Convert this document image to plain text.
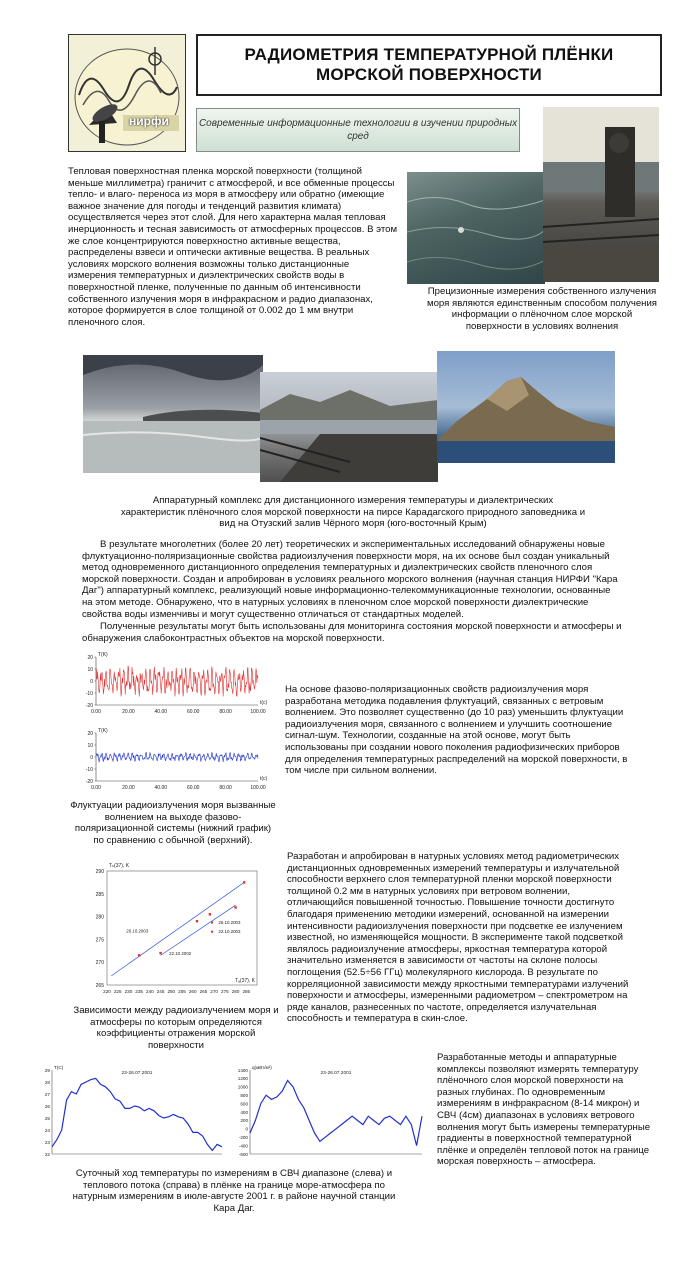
нирфи
РАДИОМЕТРИЯ ТЕМПЕРАТУРНОЙ ПЛЁНКИ
МОРСКОЙ ПОВЕРХНОСТИ
Современные информационные технологии в изучении природных сред
Тепловая поверхностная пленка морской поверхности (толщиной меньше миллиметра) граничит с атмосферой, и все обменные процессы тепло- и влаго- переноса из моря в атмосферу или обратно (имеющие важное значение для погоды и тенденций развития климата) осуществляется через этот слой. Для него характерна малая тепловая инерционность и тесная зависимость от атмосферных процессов. В этом же слое концентрируются поверхностно активные вещества, распределены взвеси и оптически активные вещества. В реальных условиях морского волнения возможны только дистанционные измерения температурных и диэлектрических свойств воды в поверхностной пленке, полученные по данным об интенсивности собственного излучения моря в инфракрасном и радио диапазонах, которое формируется в слое толщиной от 0.002 до 1 мм внутри пленочного слоя.
Прецизионные измерения собственного излучения моря являются единственным способом получения информации о плёночном слое морской поверхности в условиях волнения
Аппаратурный комплекс для дистанционного измерения температуры и диэлектрических характеристик плёночного слоя морской поверхности на пирсе Карадагского природного заповедника и вид на Отузский залив Чёрного моря (юго-восточный Крым)
В результате многолетних (более 20 лет) теоретических и экспериментальных исследований обнаружены новые флуктуационно-поляризационные свойства радиоизлучения поверхности моря, на их основе был создан уникальный метод одновременного дистанционного определения температурных и диэлектрических свойств пленочного слоя морской поверхности. Создан и апробирован в условиях реального морского волнения (научная станция НИРФИ "Кара Даг") аппаратурный комплекс, реализующий новые информационно-телекоммуникационные технологии, основанные на этом методе. Обнаружено, что в натурных условиях в пленочном слое морской поверхности диэлектрические свойства воды изменчивы и могут существенно отличаться от стандартных моделей.
Полученные результаты могут быть использованы для мониторинга состояния морской поверхности и атмосферы и обнаружения слабоконтрастных объектов на морской поверхности.
20
10
0
-10
-20
0.00	20.00	40.00	60.00	80.00	100.00
T(K)
t(c)
20
10
0
-10
-20
0.00	20.00	40.00	60.00	80.00	100.00
T(K)
t(c)
Флуктуации радиоизлучения моря вызванные волнением на выходе фазово-поляризационной системы (нижний график) по сравнению с обычной (верхний).
На основе фазово-поляризационных свойств радиоизлучения моря разработана методика подавления флуктуаций, связанных с ветровым волнением. Это позволяет существенно (до 10 раз) уменьшить флуктуации радиоизлучения моря, связанного с волнением и улучшить соотношение сигнал-шум. Технологии, созданные на этой основе, могут быть использованы при создании нового поколения радиофизических приборов для определения температурных распределений на морской поверхности, в том числе при сильном волнении.
290
285
280
275
270
265
220 225 230 235 240 245 250 255 260 265 270 275 280 285
Tₙ(37), K
Tₐ(37), K
26.10.2003
22.10.2002
26.10.2003
22.10.2003
Зависимости между радиоизлучением моря и атмосферы по которым определяются коэффициенты отражения морской поверхности
Разработан и апробирован в натурных условиях метод радиометрических дистанционных одновременных измерений температуры и излучательной способности верхнего слоя температурной пленки морской поверхности толщиной 0.2 мм в натурных условиях при ветровом волнении, отличающийся повышенной точностью. Повышение точности достигнуто благодаря применению методики измерений, основанной на измерении интенсивности радиоизлучения поверхности при подсветке ее излучением известной, но изменяющейся мощности. В эксперименте такой подсветкой являлось радиоизлучение атмосферы, яркостная температура которой значительно изменяется в зависимости от частоты на склоне полосы поглощения (52.5÷56 ГГц) молекулярного кислорода. В результате по корреляционной зависимости между яркостными температурами излучений поверхности и атмосферы, измеренными радиометром – спектрометром на ряде каналов, разнесенных по частоте, определяется излучательная способность и температура в скин-слое.
29
28
27
26
25
24
23
22
T(C)
23-26.07.2001
1400
1200
1000
800
600
400
200
0
-200
-400
-600
q(мВт/м²)
23-26.07.2001
Суточный ход температуры по измерениям в СВЧ диапазоне (слева) и теплового потока (справа) в плёнке на границе море-атмосфера по натурным измерениям в июле-августе 2001 г. в районе научной станции Кара Даг.
Разработанные методы и аппаратурные комплексы позволяют измерять температуру плёночного слоя морской поверхности на разных глубинах. По одновременным измерениям в инфракрасном (8-14 микрон) и СВЧ (4см) диапазонах в условиях ветрового волнения могут быть измерены температурные градиенты в поверхностной температурной плёнке и определён тепловой поток на границе морская поверхность – атмосфера.
